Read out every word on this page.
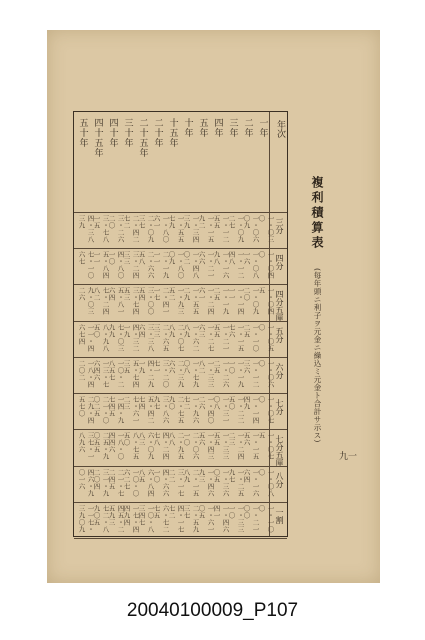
年次
三分
四分
四分五厘
五分
六分
七分
七分五厘
八分
一割
一年
一・〇三〇
一・〇四〇
一・〇四五
一・〇五〇
一・〇六〇
一・〇七〇
一・〇七五
一・〇八〇
一・一〇〇
二年
一・〇六〇九
一・〇八一六
一・〇九二〇
一・一〇二五
一・一二三六
一・一四四九
一・一五五六
一・一六六四
一・二一〇〇
三年
一・〇九二七
一・一二四八
一・一四一一
一・一五七六
一・一九一〇
一・二二五〇
一・二四二三
一・二五九七
一・三三一〇
四年
一・一二五五
一・一六九八
一・一九二五
一・二一五五
一・二六二五
一・三一〇八
一・三三五五
一・三六〇五
一・四六四一
五年
一・一五九二
一・二一六六
一・二四六一
一・二七六三
一・三三八二
一・四〇二六
一・四三五六
一・四六九三
一・六一〇五
十年
一・三四三九
一・四八〇二
一・五五二九
一・六二八九
一・七九〇八
一・九六七二
二・〇六一〇
二・一五八九
二・五九三七
十五年
一・五五七九
一・八〇〇九
一・九三五二
二・〇七八九
二・三九六六
二・七五九〇
二・九五八八
三・一七二二
四・一七七二
二十年
一・八〇六一
二・一九一一
二・四一一七
二・六五三三
三・二〇七一
三・八六九七
四・二四七八
四・六六一〇
六・七二七五
二十五年
二・〇九三七
二・六六五八
三・〇〇五四
三・三八六四
四・二九一九
五・四二七四
六・〇九八三
六・八四八五
一〇・八三四七
三十年
二・四二七二
三・二四三三
三・七四五三
四・三二一九
五・七四三五
七・六一二三
八・七五五〇
一〇・〇六二七
一七・四四九四
四十年
三・二六二〇
四・八〇一〇
五・八一六四
七・〇三九九
一〇・二八五七
一四・九七四五
一八・〇四四六
二一・七二四五
四五・二五九三
四十五年
三・七八一五
五・八四一一
七・二四八二
八・九八五〇
一三・七六四六
二一・〇〇二五
二五・九〇五五
三一・九二〇四
七二・八九〇五
五十年
四・三八三九
七・一〇六七
九・〇三二六
一一・四六七四
一八・四二〇二
二九・四五七〇
三七・一八九六
四六・九〇一六
一一七・三九〇九
複利積算表
(每年頭ニ利子ヲ元金ニ繰込ミ元金ト合計サ示ス)
九一
20040100009_P107
